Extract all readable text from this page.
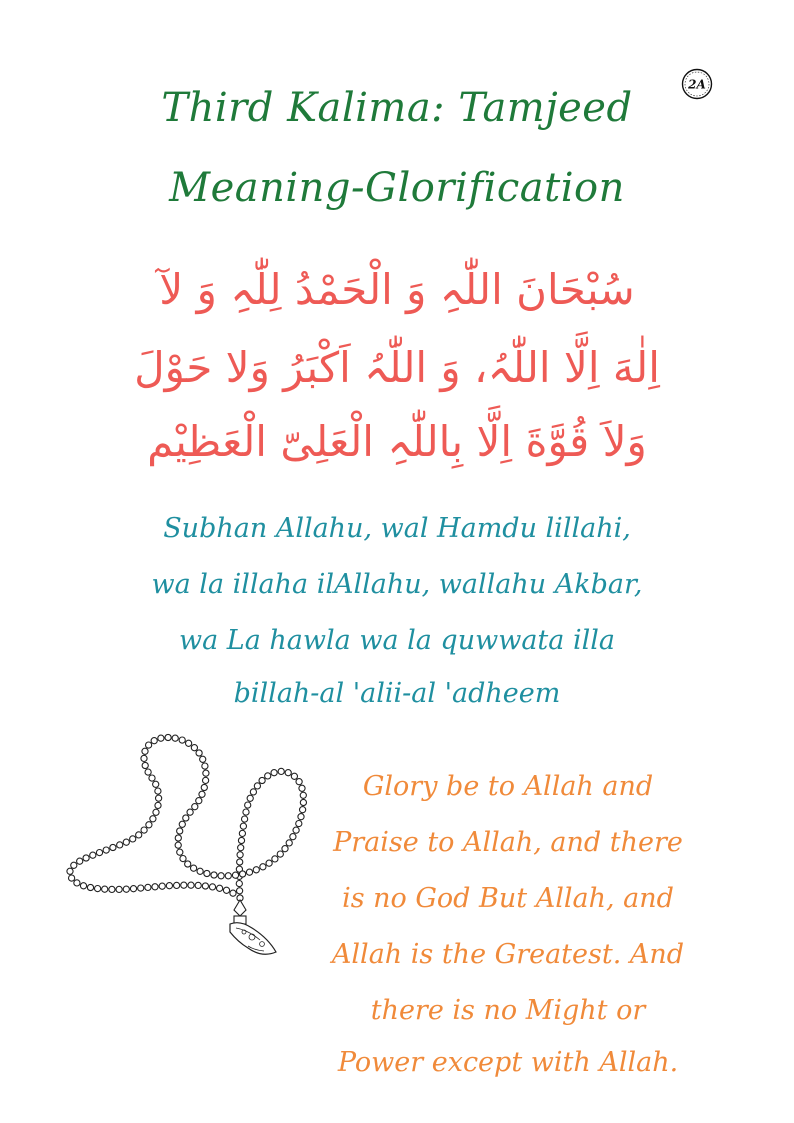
2A
Third Kalima: Tamjeed
Meaning-Glorification
سُبْحَانَ اللّٰہِ وَ الْحَمْدُ لِلّٰہِ وَ لآ
اِلٰهَ اِلَّا اللّٰہُ، وَ اللّٰہُ اَکْبَرُ وَلا حَوْلَ
وَلاَ قُوَّةَ اِلَّا بِاللّٰہِ الْعَلِیّ الْعَظِیْم
Subhan Allahu, wal Hamdu lillahi,
wa la illaha ilAllahu, wallahu Akbar,
wa La hawla wa la quwwata illa
billah-al 'alii-al 'adheem
Glory be to Allah and
Praise to Allah, and there
is no God But Allah, and
Allah is the Greatest. And
there is no Might or
Power except with Allah.
